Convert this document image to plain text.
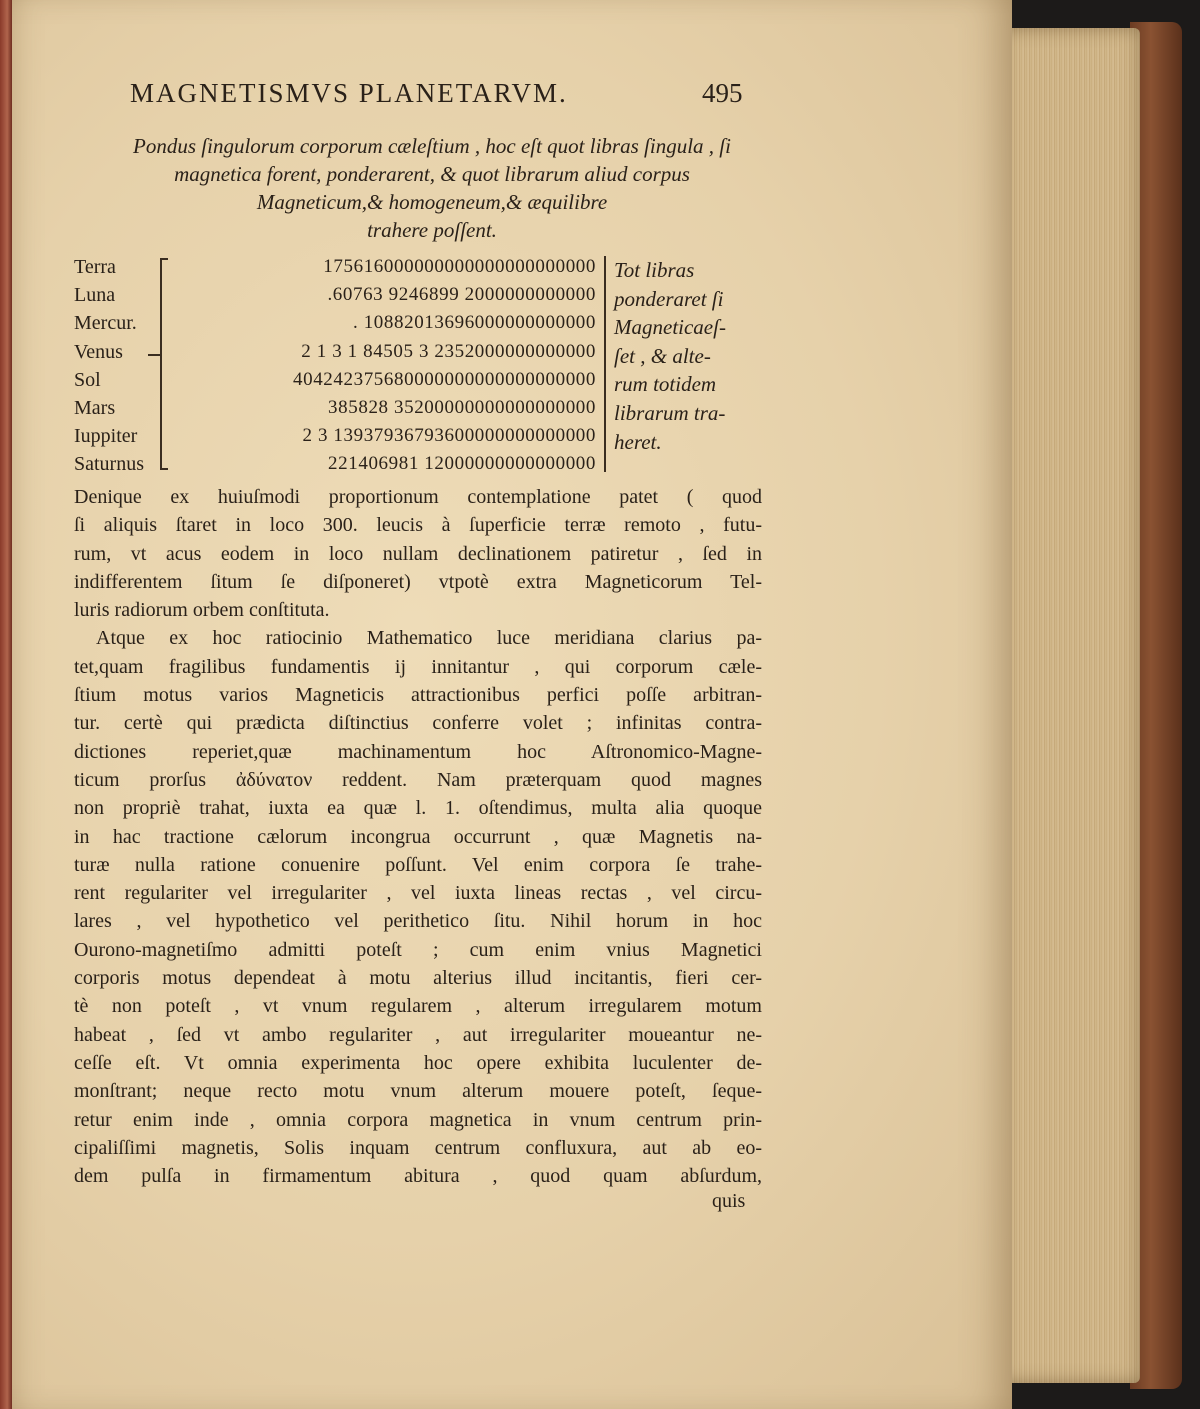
MAGNETISMVS PLANETARVM.	495
Pondus ſingulorum corporum cæleſtium , hoc eſt quot libras ſingula , ſi
magnetica forent, ponderarent, & quot librarum aliud corpus
Magneticum,& homogeneum,& æquilibre
trahere poſſent.
Terra	175616000000000000000000000
Luna	.60763 9246899 2000000000000
Mercur.	. 10882013696000000000000
Venus	2 1 3 1 84505 3 2352000000000000
Sol	404242375680000000000000000000
Mars	385828 35200000000000000000
Iuppiter	2 3 13937936793600000000000000
Saturnus	221406981 12000000000000000
Tot libras
ponderaret ſi
Magneticaeſ-
ſet , & alte-
rum totidem
librarum tra-
heret.
Denique ex huiuſmodi proportionum contemplatione patet ( quod
ſi aliquis ſtaret in loco 300. leucis à ſuperficie terræ remoto , futu-
rum, vt acus eodem in loco nullam declinationem patiretur , ſed in
indifferentem ſitum ſe diſponeret) vtpotè extra Magneticorum Tel-
luris radiorum orbem conſtituta.
Atque ex hoc ratiocinio Mathematico luce meridiana clarius pa-
tet,quam fragilibus fundamentis ij innitantur , qui corporum cæle-
ſtium motus varios Magneticis attractionibus perfici poſſe arbitran-
tur. certè qui prædicta diſtinctius conferre volet ; infinitas contra-
dictiones reperiet,quæ machinamentum hoc Aſtronomico-Magne-
ticum prorſus ἀδύνατον reddent. Nam præterquam quod magnes
non propriè trahat, iuxta ea quæ l. 1. oſtendimus, multa alia quoque
in hac tractione cælorum incongrua occurrunt , quæ Magnetis na-
turæ nulla ratione conuenire poſſunt. Vel enim corpora ſe trahe-
rent regulariter vel irregulariter , vel iuxta lineas rectas , vel circu-
lares , vel hypothetico vel perithetico ſitu. Nihil horum in hoc
Ourono-magnetiſmo admitti poteſt ; cum enim vnius Magnetici
corporis motus dependeat à motu alterius illud incitantis, fieri cer-
tè non poteſt , vt vnum regularem , alterum irregularem motum
habeat , ſed vt ambo regulariter , aut irregulariter moueantur ne-
ceſſe eſt. Vt omnia experimenta hoc opere exhibita luculenter de-
monſtrant; neque recto motu vnum alterum mouere poteſt, ſeque-
retur enim inde , omnia corpora magnetica in vnum centrum prin-
cipaliſſimi magnetis, Solis inquam centrum confluxura, aut ab eo-
dem pulſa in firmamentum abitura , quod quam abſurdum,
quis
